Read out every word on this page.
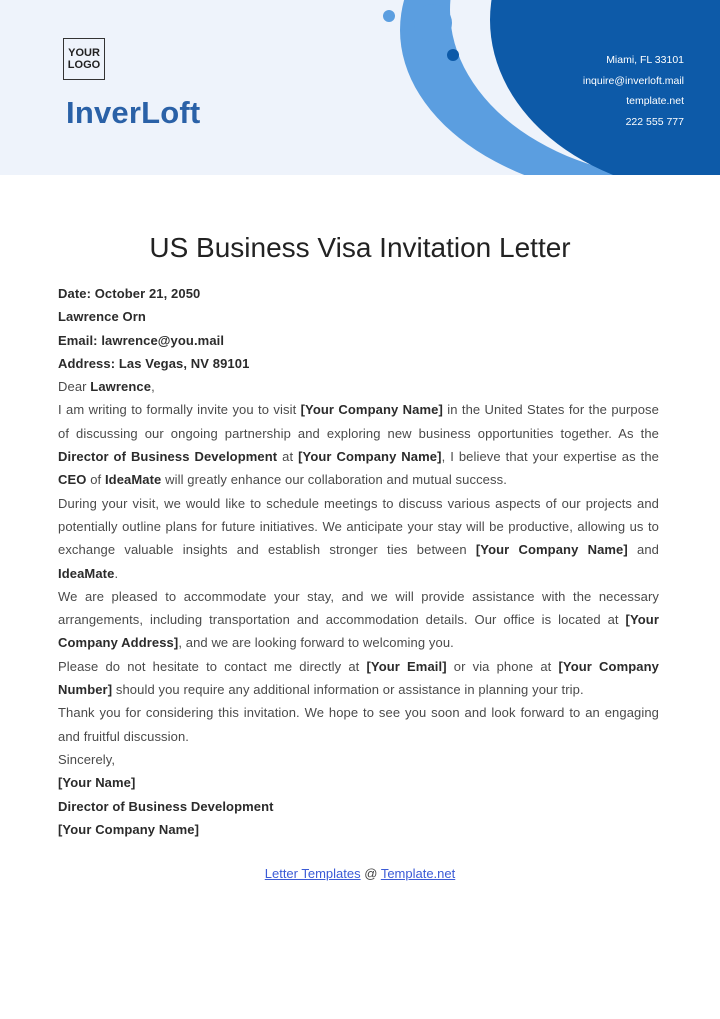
YOUR
LOGO
InverLoft
Miami, FL 33101
inquire@inverloft.mail
template.net
222 555 777
US Business Visa Invitation Letter

Date: October 21, 2050

Lawrence Orn

Email: lawrence@you.mail

Address: Las Vegas, NV 89101

Dear Lawrence,

I am writing to formally invite you to visit [Your Company Name] in the United States for the purpose of discussing our ongoing partnership and exploring new business opportunities together. As the Director of Business Development at [Your Company Name], I believe that your expertise as the CEO of IdeaMate will greatly enhance our collaboration and mutual success.

During your visit, we would like to schedule meetings to discuss various aspects of our projects and potentially outline plans for future initiatives. We anticipate your stay will be productive, allowing us to exchange valuable insights and establish stronger ties between [Your Company Name] and IdeaMate.

We are pleased to accommodate your stay, and we will provide assistance with the necessary arrangements, including transportation and accommodation details. Our office is located at [Your Company Address], and we are looking forward to welcoming you.

Please do not hesitate to contact me directly at [Your Email] or via phone at [Your Company Number] should you require any additional information or assistance in planning your trip.

Thank you for considering this invitation. We hope to see you soon and look forward to an engaging and fruitful discussion.

Sincerely,

[Your Name]

Director of Business Development

[Your Company Name]

Letter Templates @ Template.net
